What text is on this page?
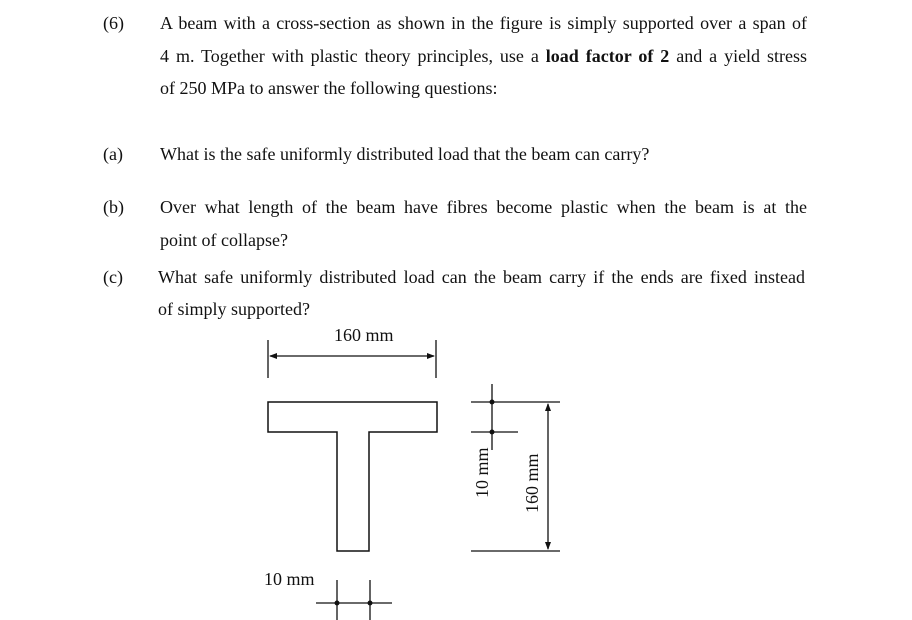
(6) A beam with a cross-section as shown in the figure is simply supported over a span of
4 m. Together with plastic theory principles, use a load factor of 2 and a yield stress
of 250 MPa to answer the following questions:
(a) What is the safe uniformly distributed load that the beam can carry?
(b) Over what length of the beam have fibres become plastic when the beam is at the
point of collapse?
(c) What safe uniformly distributed load can the beam carry if the ends are fixed instead
of simply supported?
160 mm
10 mm
10 mm 160 mm
